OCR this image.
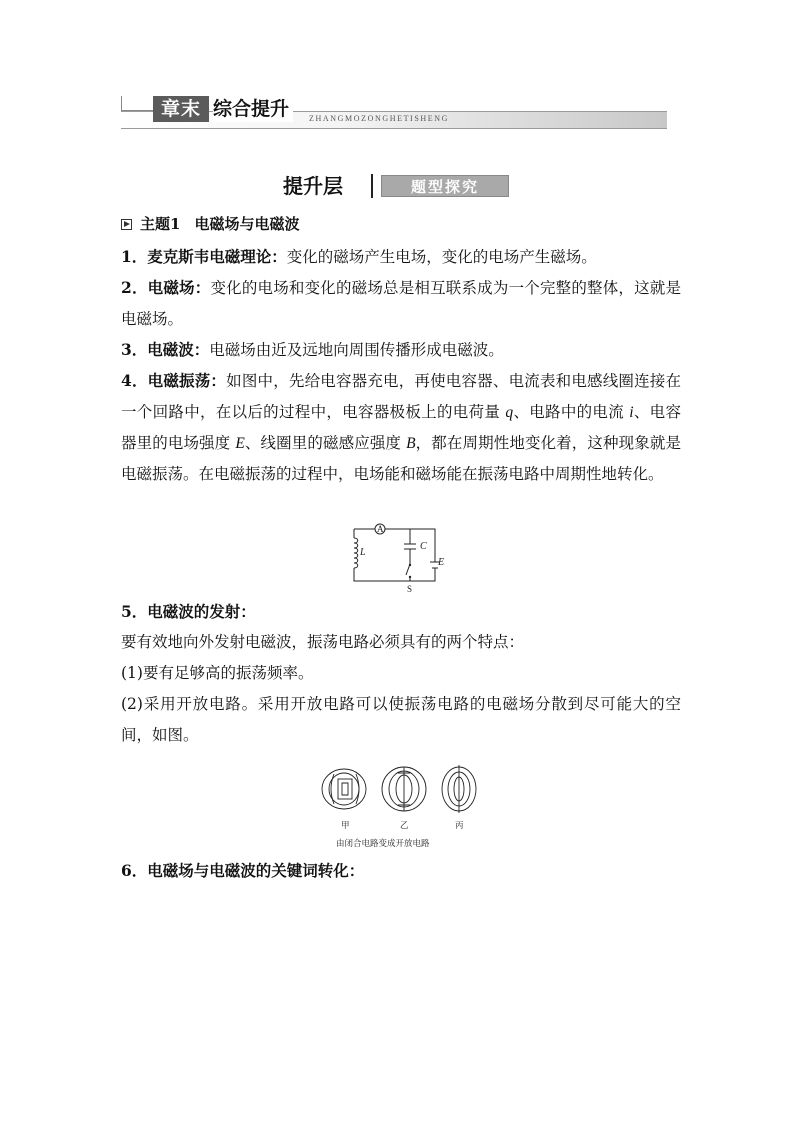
章末 综合提升	ZHANGMOZONGHETISHENG
提升层	题型探究
主题1 电磁场与电磁波

1．麦克斯韦电磁理论：变化的磁场产生电场，变化的电场产生磁场。

2．电磁场：变化的电场和变化的磁场总是相互联系成为一个完整的整体，这就是电磁场。

3．电磁波：电磁场由近及远地向周围传播形成电磁波。

4．电磁振荡：如图中，先给电容器充电，再使电容器、电流表和电感线圈连接在一个回路中，在以后的过程中，电容器极板上的电荷量 q、电路中的电流 i、电容器里的电场强度 E、线圈里的磁感应强度 B，都在周期性地变化着，这种现象就是电磁振荡。在电磁振荡的过程中，电场能和磁场能在振荡电路中周期性地转化。

A
L
C
E
S

5．电磁波的发射：

要有效地向外发射电磁波，振荡电路必须具有的两个特点：

(1)要有足够高的振荡频率。

(2)采用开放电路。采用开放电路可以使振荡电路的电磁场分散到尽可能大的空间，如图。

甲	乙	丙
由闭合电路变成开放电路

6．电磁场与电磁波的关键词转化：
